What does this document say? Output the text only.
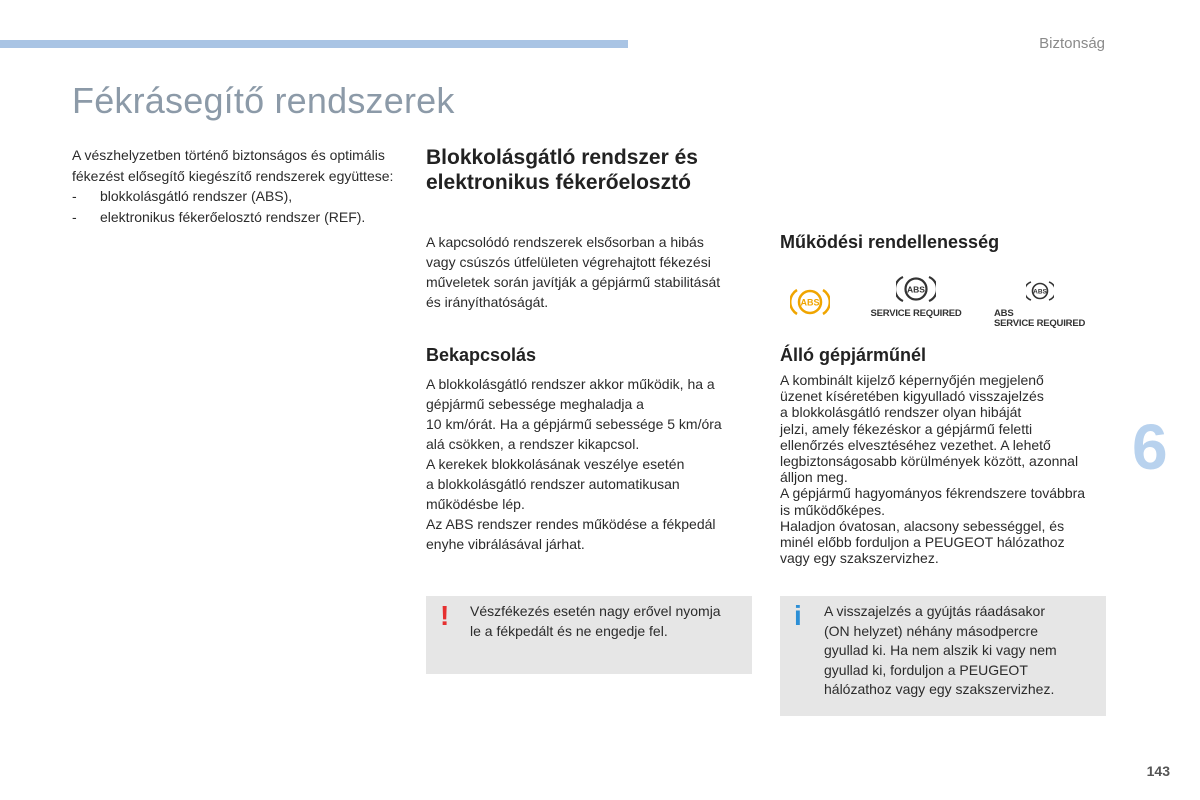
Biztonság
Fékrásegítő rendszerek

A vészhelyzetben történő biztonságos és optimális fékezést elősegítő kiegészítő rendszerek együttese:

-	blokkolásgátló rendszer (ABS),
-	elektronikus fékerőelosztó rendszer (REF).
Blokkolásgátló rendszer és
elektronikus fékerőelosztó

A kapcsolódó rendszerek elsősorban a hibás

vagy csúszós útfelületen végrehajtott fékezési

műveletek során javítják a gépjármű stabilitását

és irányíthatóságát.

Bekapcsolás

A blokkolásgátló rendszer akkor működik, ha a

gépjármű sebessége meghaladja a

10 km/órát. Ha a gépjármű sebessége 5 km/óra

alá csökken, a rendszer kikapcsol.

A kerekek blokkolásának veszélye esetén

a blokkolásgátló rendszer automatikusan

működésbe lép.

Az ABS rendszer rendes működése a fékpedál

enyhe vibrálásával járhat.

Működési rendellenesség
ABS
ABS
SERVICE REQUIRED
ABS
ABS
SERVICE REQUIRED
Álló gépjárműnél

A kombinált kijelző képernyőjén megjelenő

üzenet kíséretében kigyulladó visszajelzés

a blokkolásgátló rendszer olyan hibáját

jelzi, amely fékezéskor a gépjármű feletti

ellenőrzés elvesztéséhez vezethet. A lehető

legbiztonságosabb körülmények között, azonnal

álljon meg.

A gépjármű hagyományos fékrendszere továbbra

is működőképes.

Haladjon óvatosan, alacsony sebességgel, és

minél előbb forduljon a PEUGEOT hálózathoz

vagy egy szakszervizhez.

! Vészfékezés esetén nagy erővel nyomja

le a fékpedált és ne engedje fel.	i A visszajelzés a gyújtás ráadásakor

(ON helyzet) néhány másodpercre

gyullad ki. Ha nem alszik ki vagy nem

gyullad ki, forduljon a PEUGEOT

hálózathoz vagy egy szakszervizhez.

6
143
